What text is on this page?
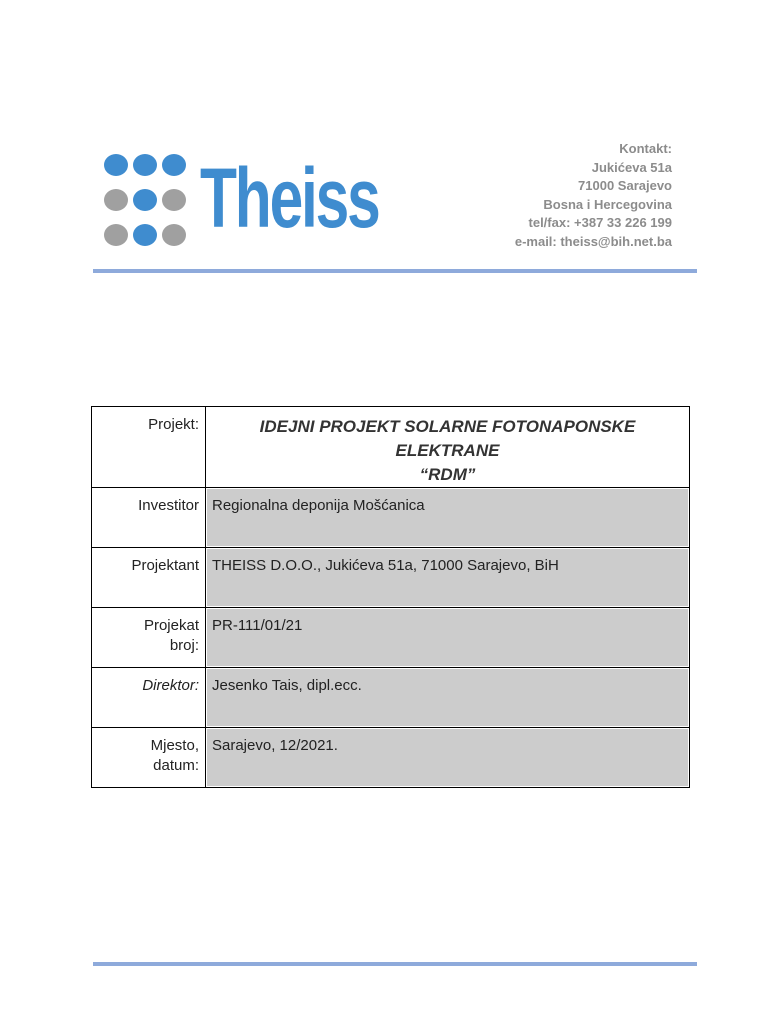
Theiss
Kontakt:
Jukićeva 51a
71000 Sarajevo
Bosna i Hercegovina
tel/fax: +387 33 226 199
e-mail: theiss@bih.net.ba
Projekt:	IDEJNI PROJEKT SOLARNE FOTONAPONSKE ELEKTRANE
“RDM”

Investitor	Regionalna deponija Mošćanica
Projektant	THEISS D.O.O., Jukićeva 51a, 71000 Sarajevo, BiH

Projekat
broj:	PR-111/01/21
Direktor:	Jesenko Tais, dipl.ecc.

Mjesto,
datum:	Sarajevo, 12/2021.
